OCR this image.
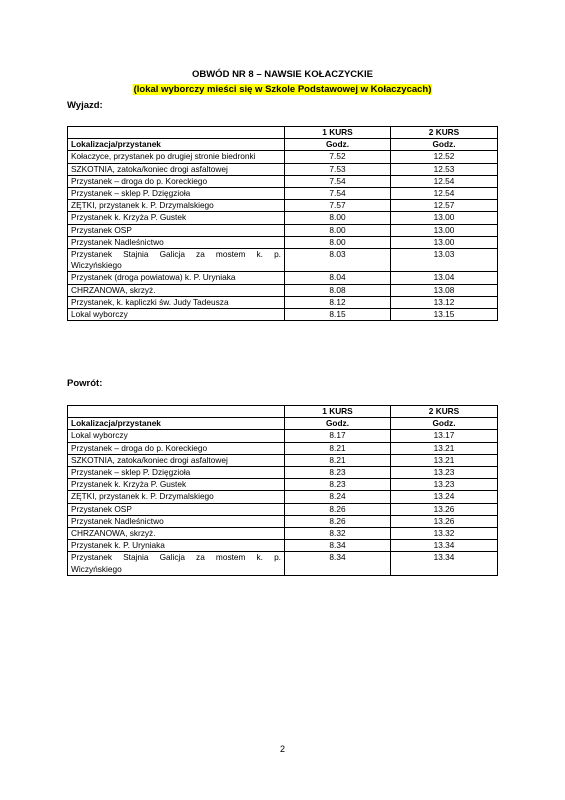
OBWÓD NR 8 – NAWSIE KOŁACZYCKIE
(lokal wyborczy mieści się w Szkole Podstawowej w Kołaczycach)
Wyjazd:
	1 KURS	2 KURS
Lokalizacja/przystanek	Godz.	Godz.
Kołaczyce, przystanek po drugiej stronie biedronki	7.52	12.52
SZKOTNIA, zatoka/koniec drogi asfaltowej	7.53	12.53
Przystanek – droga do p. Koreckiego	7.54	12.54
Przystanek – sklep P. Dzięgzioła	7.54	12.54
ZĘTKI, przystanek k. P. Drzymalskiego	7.57	12.57
Przystanek k. Krzyża P. Gustek	8.00	13.00
Przystanek OSP	8.00	13.00
Przystanek Nadleśnictwo	8.00	13.00
Przystanek Stajnia Galicja za mostem k. p. Wiczyńskiego	8.03	13.03
Przystanek (droga powiatowa) k. P. Uryniaka	8.04	13.04
CHRZANOWA, skrzyż.	8.08	13.08
Przystanek, k. kapliczki św. Judy Tadeusza	8.12	13.12
Lokal wyborczy	8.15	13.15
Powrót:
	1 KURS	2 KURS
Lokalizacja/przystanek	Godz.	Godz.
Lokal wyborczy	8.17	13.17
Przystanek – droga do p. Koreckiego	8.21	13.21
SZKOTNIA, zatoka/koniec drogi asfaltowej	8.21	13.21
Przystanek – sklep P. Dzięgzioła	8.23	13.23
Przystanek k. Krzyża P. Gustek	8.23	13.23
ZĘTKI, przystanek k. P. Drzymalskiego	8.24	13.24
Przystanek OSP	8.26	13.26
Przystanek Nadleśnictwo	8.26	13.26
CHRZANOWA, skrzyż.	8.32	13.32
Przystanek k. P. Uryniaka	8.34	13.34
Przystanek Stajnia Galicja za mostem k. p. Wiczyńskiego	8.34	13.34
2
